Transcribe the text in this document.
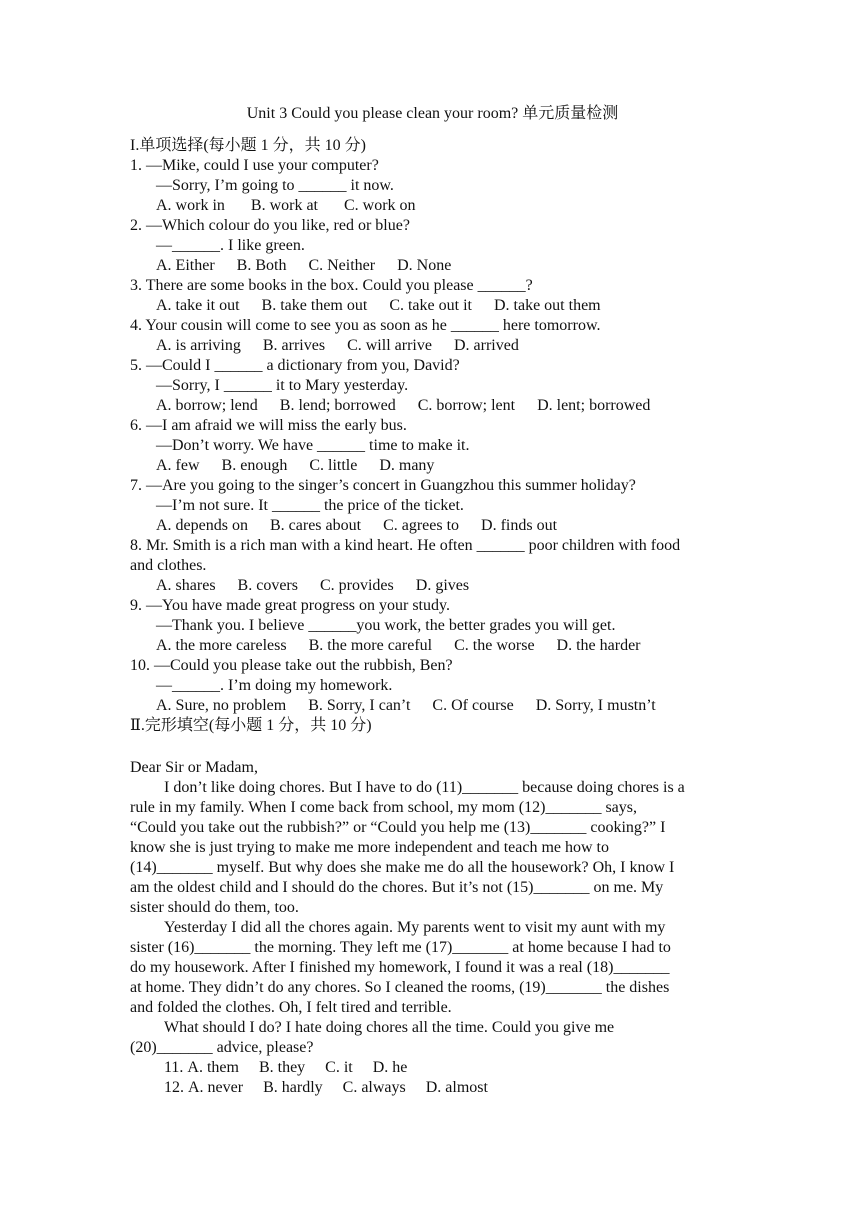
Unit 3 Could you please clean your room? 单元质量检测
I.单项选择(每小题 1 分，共 10 分)
1. —Mike, could I use your computer?
—Sorry, I’m going to ______ it now.
A. work in B. work at C. work on
2. —Which colour do you like, red or blue?
—______. I like green.
A. Either B. Both C. Neither D. None
3. There are some books in the box. Could you please ______?
A. take it out B. take them out C. take out it D. take out them
4. Your cousin will come to see you as soon as he ______ here tomorrow.
A. is arriving B. arrives C. will arrive D. arrived
5. —Could I ______ a dictionary from you, David?
—Sorry, I ______ it to Mary yesterday.
A. borrow; lend B. lend; borrowed C. borrow; lent D. lent; borrowed
6. —I am afraid we will miss the early bus.
—Don’t worry. We have ______ time to make it.
A. few B. enough C. little D. many
7. —Are you going to the singer’s concert in Guangzhou this summer holiday?
—I’m not sure. It ______ the price of the ticket.
A. depends on B. cares about C. agrees to D. finds out
8. Mr. Smith is a rich man with a kind heart. He often ______ poor children with food
and clothes.
A. shares B. covers C. provides D. gives
9. —You have made great progress on your study.
—Thank you. I believe ______you work, the better grades you will get.
A. the more careless B. the more careful C. the worse D. the harder
10. —Could you please take out the rubbish, Ben?
—______. I’m doing my homework.
A. Sure, no problem B. Sorry, I can’t C. Of course D. Sorry, I mustn’t
Ⅱ.完形填空(每小题 1 分，共 10 分)
Dear Sir or Madam,
I don’t like doing chores. But I have to do (11)_______ because doing chores is a
rule in my family. When I come back from school, my mom (12)_______ says,
“Could you take out the rubbish?” or “Could you help me (13)_______ cooking?” I
know she is just trying to make me more independent and teach me how to
(14)_______ myself. But why does she make me do all the housework? Oh, I know I
am the oldest child and I should do the chores. But it’s not (15)_______ on me. My
sister should do them, too.
Yesterday I did all the chores again. My parents went to visit my aunt with my
sister (16)_______ the morning. They left me (17)_______ at home because I had to
do my housework. After I finished my homework, I found it was a real (18)_______
at home. They didn’t do any chores. So I cleaned the rooms, (19)_______ the dishes
and folded the clothes. Oh, I felt tired and terrible.
What should I do? I hate doing chores all the time. Could you give me
(20)_______ advice, please?
11. A. them B. they C. it D. he
12. A. never B. hardly C. always D. almost
